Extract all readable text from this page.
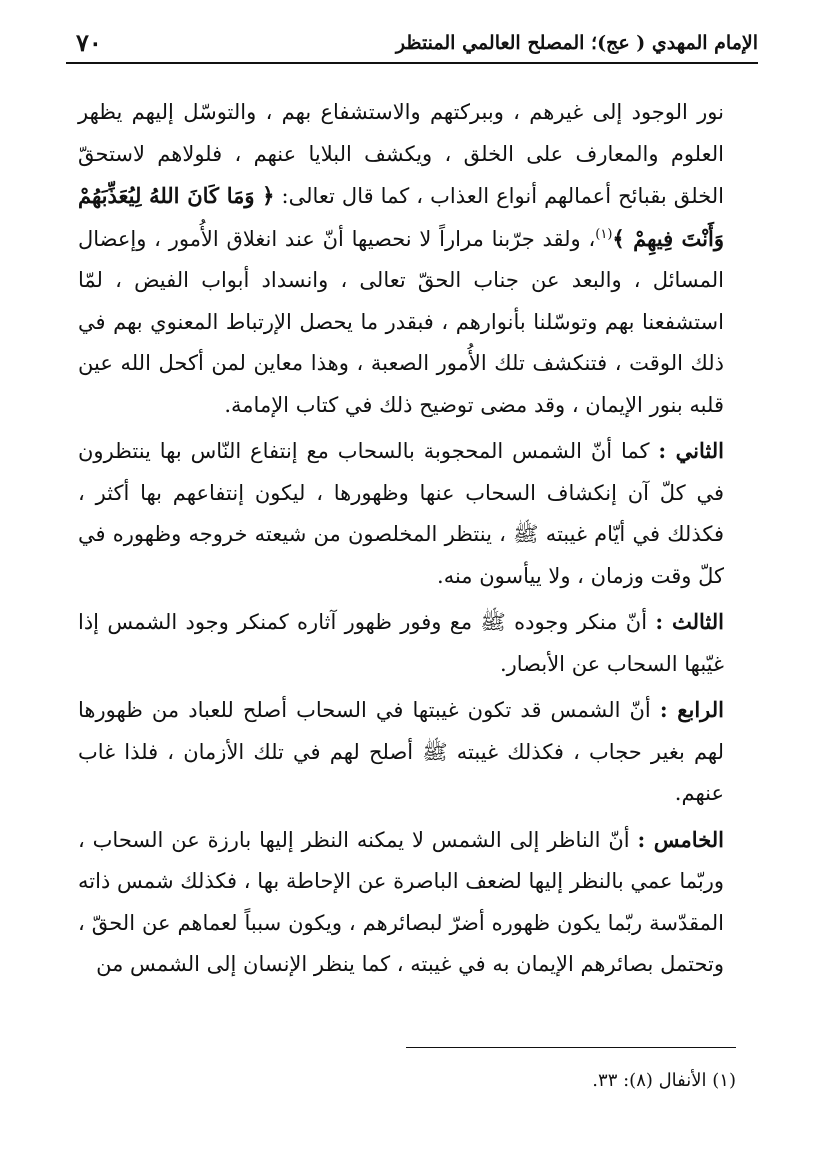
الإمام المهدي ( عج)؛ المصلح العالمي المنتظر
٧٠

نور الوجود إلى غيرهم ، وببركتهم والاستشفاع بهم ، والتوسّل إليهم يظهر العلوم والمعارف على الخلق ، ويكشف البلايا عنهم ، فلولاهم لاستحقّ الخلق بقبائح أعمالهم أنواع العذاب ، كما قال تعالى: ﴿ وَمَا كَانَ اللهُ لِيُعَذِّبَهُمْ وَأَنْتَ فِيهِمْ ﴾$^{(١)}$، ولقد جرّبنا مراراً لا نحصيها أنّ عند انغلاق الأُمور ، وإعضال المسائل ، والبعد عن جناب الحقّ تعالى ، وانسداد أبواب الفيض ، لمّا استشفعنا بهم وتوسّلنا بأنوارهم ، فبقدر ما يحصل الإرتباط المعنوي بهم في ذلك الوقت ، فتنكشف تلك الأُمور الصعبة ، وهذا معاين لمن أكحل الله عين قلبه بنور الإيمان ، وقد مضى توضيح ذلك في كتاب الإمامة.

الثاني : كما أنّ الشمس المحجوبة بالسحاب مع إنتفاع النّاس بها ينتظرون في كلّ آن إنكشاف السحاب عنها وظهورها ، ليكون إنتفاعهم بها أكثر ، فكذلك في أيّام غيبته ﷺ ، ينتظر المخلصون من شيعته خروجه وظهوره في كلّ وقت وزمان ، ولا ييأسون منه.

الثالث : أنّ منكر وجوده ﷺ مع وفور ظهور آثاره كمنكر وجود الشمس إذا غيّبها السحاب عن الأبصار.

الرابع : أنّ الشمس قد تكون غيبتها في السحاب أصلح للعباد من ظهورها لهم بغير حجاب ، فكذلك غيبته ﷺ أصلح لهم في تلك الأزمان ، فلذا غاب عنهم.

الخامس : أنّ الناظر إلى الشمس لا يمكنه النظر إليها بارزة عن السحاب ، وربّما عمي بالنظر إليها لضعف الباصرة عن الإحاطة بها ، فكذلك شمس ذاته المقدّسة ربّما يكون ظهوره أضرّ لبصائرهم ، ويكون سبباً لعماهم عن الحقّ ، وتحتمل بصائرهم الإيمان به في غيبته ، كما ينظر الإنسان إلى الشمس من

(١) الأنفال (٨): ٣٣.
